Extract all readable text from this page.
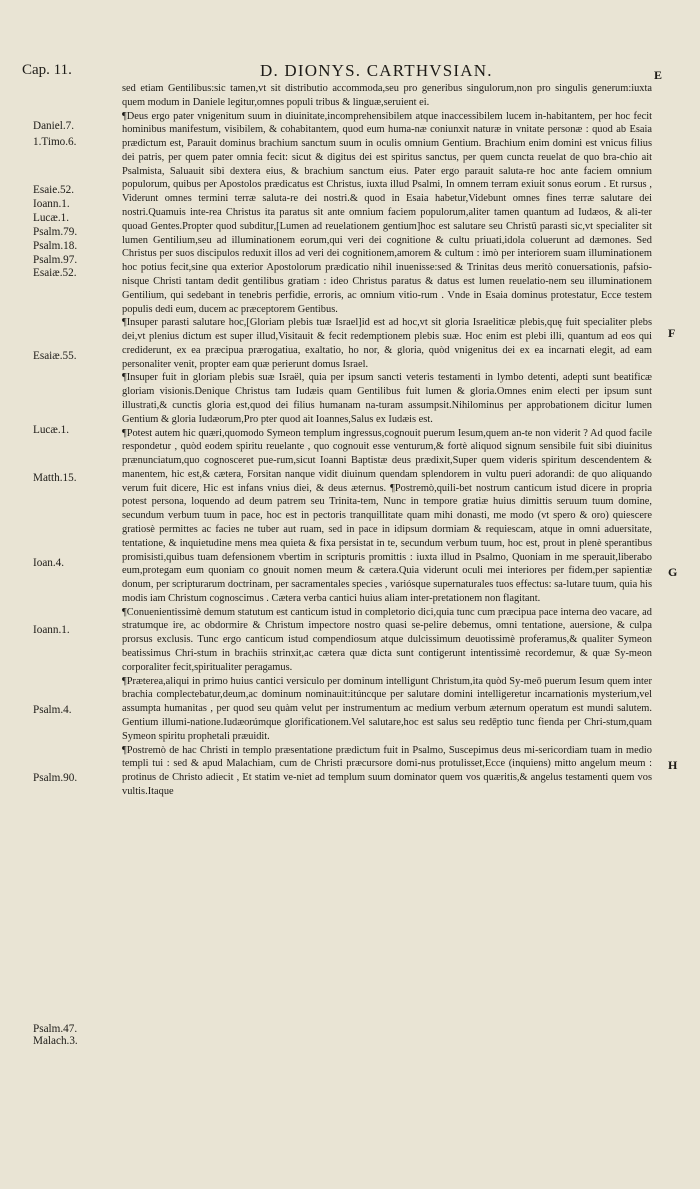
Cap. 11.	D. DIONYS. CARTHVSIAN.	E
Daniel.7.
1.Timo.6.
Esaie.52.
Ioann.1.
Lucæ.1.
Psalm.79.
Psalm.18.
Psalm.97.
Esaiæ.52.
Esaiæ.55.
Lucæ.1.
Matth.15.
Ioan.4.
Ioann.1.
Psalm.4.
Psalm.90.
Psalm.47.
Malach.3.
F
G
H

sed etiam Gentilibus:sic tamen,vt sit distributio accommoda,seu pro generibus singulorum,non pro singulis generum:iuxta quem modum in Daniele legitur,omnes populi tribus & linguæ,seruient ei.

¶Deus ergo pater vnigenitum suum in diuinitate,incomprehensibilem atque inaccessibilem lucem in-habitantem, per hoc fecit hominibus manifestum, visibilem, & cohabitantem, quod eum huma-næ coniunxit naturæ in vnitate personæ : quod ab Esaia prædictum est, Parauit dominus brachium sanctum suum in oculis omnium Gentium. Brachium enim domini est vnicus filius dei patris, per quem pater omnia fecit: sicut & digitus dei est spiritus sanctus, per quem cuncta reuelat de quo bra-chio ait Psalmista, Saluauit sibi dextera eius, & brachium sanctum eius. Pater ergo parauit saluta-re hoc ante faciem omnium populorum, quibus per Apostolos prædicatus est Christus, iuxta illud Psalmi, In omnem terram exiuit sonus eorum . Et rursus , Viderunt omnes termini terræ saluta-re dei nostri.& quod in Esaia habetur,Videbunt omnes fines terræ salutare dei nostri.Quamuis inte-rea Christus ita paratus sit ante omnium faciem populorum,aliter tamen quantum ad Iudæos, & ali-ter quoad Gentes.Propter quod subditur,[Lumen ad reuelationem gentium]hoc est salutare seu Christū parasti sic,vt specialiter sit lumen Gentilium,seu ad illuminationem eorum,qui veri dei cognitione & cultu priuati,idola coluerunt ad dæmones. Sed Christus per suos discipulos reduxit illos ad veri dei cognitionem,amorem & cultum : imò per interiorem suam illuminationem hoc potius fecit,sine qua exterior Apostolorum prædicatio nihil inuenisse:sed & Trinitas deus meritò conuersationis, pafsio-nisque Christi tantam dedit gentilibus gratiam : ideo Christus paratus & datus est lumen reuelatio-nem seu illuminationem Gentilium, qui sedebant in tenebris perfidie, erroris, ac omnium vitio-rum . Vnde in Esaia dominus protestatur, Ecce testem populis dedi eum, ducem ac præceptorem Gentibus.

¶Insuper parasti salutare hoc,[Gloriam plebis tuæ Israel]id est ad hoc,vt sit gloria Israeliticæ plebis,quę fuit specialiter plebs dei,vt plenius dictum est super illud,Visitauit & fecit redemptionem plebis suæ. Hoc enim est plebi illi, quantum ad eos qui crediderunt, ex ea præcipua prærogatiua, exaltatio, ho nor, & gloria, quòd vnigenitus dei ex ea incarnati elegit, ad eam personaliter venit, propter eam quæ perierunt domus Israel.

¶Insuper fuit in gloriam plebis suæ Israël, quia per ipsum sancti veteris testamenti in lymbo detenti, adepti sunt beatificæ gloriam visionis.Denique Christus tam Iudæis quam Gentilibus fuit lumen & gloria.Omnes enim electi per ipsum sunt illustrati,& cunctis gloria est,quod dei filius humanam na-turam assumpsit.Nihilominus per approbationem dicitur lumen Gentium & gloria Iudæorum,Pro pter quod ait Ioannes,Salus ex Iudæis est.

¶Potest autem hic quæri,quomodo Symeon templum ingressus,cognouit puerum Iesum,quem an-te non viderit ? Ad quod facile respondetur , quòd eodem spiritu reuelante , quo cognouit esse venturum,& fortè aliquod signum sensibile fuit sibi diuinitus prænunciatum,quo cognosceret pue-rum,sicut Ioanni Baptistæ deus prædixit,Super quem videris spiritum descendentem & manentem, hic est,& cætera, Forsitan nanque vidit diuinum quendam splendorem in vultu pueri adorandi: de quo aliquando verum fuit dicere, Hic est infans vnius diei, & deus æternus. ¶Postremò,quili-bet nostrum canticum istud dicere in propria potest persona, loquendo ad deum patrem seu Trinita-tem, Nunc in tempore gratiæ huius dimittis seruum tuum domine, secundum verbum tuum in pace, hoc est in pectoris tranquillitate quam mihi donasti, me modo (vt spero & oro) quiescere gratiosè permittes ac facies ne tuber aut ruam, sed in pace in idipsum dormiam & requiescam, atque in omni aduersitate, tentatione, & inquietudine mens mea quieta & fixa persistat in te, secundum verbum tuum, hoc est, prout in plenè sperantibus promisisti,quibus tuam defensionem vbertim in scripturis promittis : iuxta illud in Psalmo, Quoniam in me sperauit,liberabo eum,protegam eum quoniam co gnouit nomen meum & cætera.Quia viderunt oculi mei interiores per fidem,per sapientiæ donum, per scripturarum doctrinam, per sacramentales species , variósque supernaturales tuos effectus: sa-lutare tuum, quia his modis iam Christum cognoscimus . Cætera verba cantici huius aliam inter-pretationem non flagitant.

¶Conuenientissimè demum statutum est canticum istud in completorio dici,quia tunc cum præcipua pace interna deo vacare, ad stratumque ire, ac obdormire & Christum impectore nostro quasi se-pelire debemus, omni tentatione, auersione, & culpa prorsus exclusis. Tunc ergo canticum istud compendiosum atque dulcissimum deuotissimè proferamus,& qualiter Symeon beatissimus Chri-stum in brachiis strinxit,ac cætera quæ dicta sunt contigerunt intentissimè recordemur, & quæ Sy-meon corporaliter fecit,spiritualiter peragamus.

¶Præterea,aliqui in primo huius cantici versiculo per dominum intelligunt Christum,ita quòd Sy-meō puerum Iesum quem inter brachia complectebatur,deum,ac dominum nominauit:itúncque per salutare domini intelligeretur incarnationis mysterium,vel assumpta humanitas , per quod seu quàm velut per instrumentum ac medium verbum æternum operatum est mundi salutem. Gentium illumi-natione.Iudæorúmque glorificationem.Vel salutare,hoc est salus seu redēptio tunc fienda per Chri-stum,quam Symeon spiritu prophetali præuidit.

¶Postremò de hac Christi in templo præsentatione prædictum fuit in Psalmo, Suscepimus deus mi-sericordiam tuam in medio templi tui : sed & apud Malachiam, cum de Christi præcursore domi-nus protulisset,Ecce (inquiens) mitto angelum meum : protinus de Christo adiecit , Et statim ve-niet ad templum suum dominator quem vos quæritis,& angelus testamenti quem vos vultis.Itaque
